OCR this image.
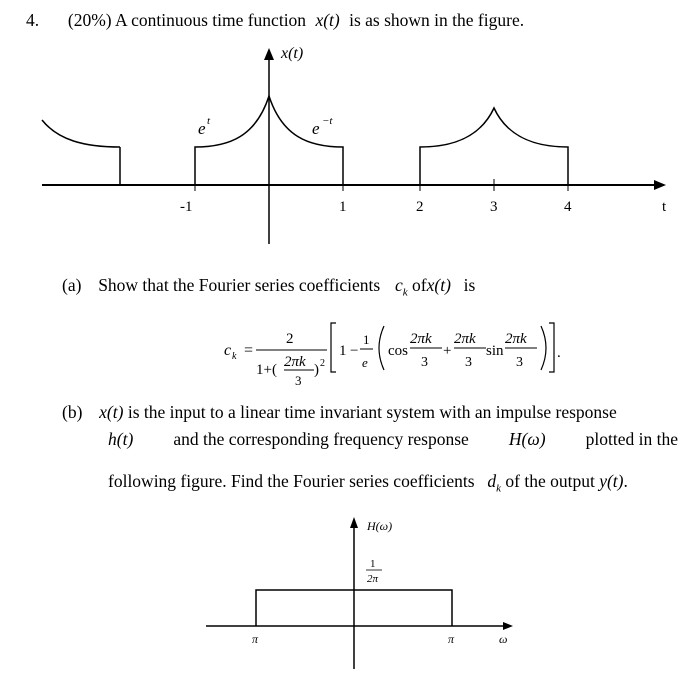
4. (20%) A continuous time function x(t) is as shown in the figure.
x(t)
e t	e −t
-1	1	2	3	4	t
(a) Show that the Fourier series coefficients $c_k$ ofx(t) is
c k =
2
1+( 2πk
3
) 2
1 −
1
e
cos
2πk
3
+
2πk
3
sin
2πk
3
.
(b) x(t) is the input to a linear time invariant system with an impulse response
h(t) and the corresponding frequency response H(ω) plotted in the
following figure. Find the Fourier series coefficients $d_k$ of the output y(t).
H(ω)
1
2π
π	π	ω
